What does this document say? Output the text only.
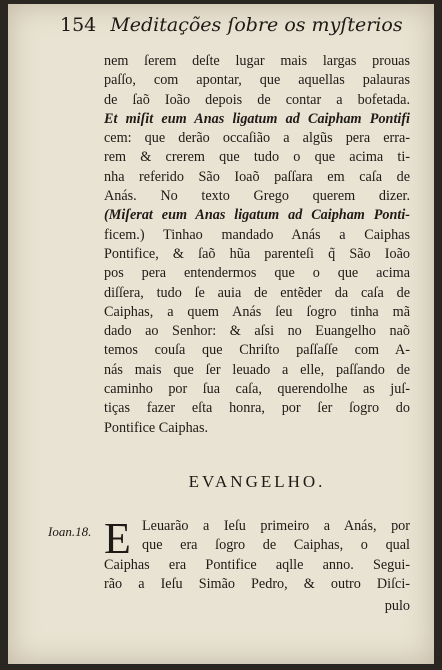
154 Meditações ſobre os myſterios
nem ſerem deſte lugar mais largas prouas
paſſo, com apontar, que aquellas palauras
de ſaõ Ioão depois de contar a bofetada.
Et miſit eum Anas ligatum ad Caipham Pontifi
cem: que derão occaſião a algũs pera erra-
rem & crerem que tudo o que acima ti-
nha referido São Ioaõ paſſara em caſa de
Anás. No texto Grego querem dizer.
(Miſerat eum Anas ligatum ad Caipham Ponti-
ficem.) Tinhao mandado Anás a Caiphas
Pontifice, & ſaõ hũa parenteſi q̃ São Ioão
pos pera entendermos que o que acima
diſſera, tudo ſe auia de entẽder da caſa de
Caiphas, a quem Anás ſeu ſogro tinha mã
dado ao Senhor: & aſsi no Euangelho naõ
temos couſa que Chriſto paſſaſſe com A-
nás mais que ſer leuado a elle, paſſando de
caminho por ſua caſa, querendolhe as juſ-
tiças fazer eſta honra, por ſer ſogro do
Pontifice Caiphas.
EVANGELHO.
Ioan.18. E Leuarão a Ieſu primeiro a Anás, por
que era ſogro de Caiphas, o qual
Caiphas era Pontifice aqlle anno. Segui-
rão a Ieſu Simão Pedro, & outro Diſci-
pulo
